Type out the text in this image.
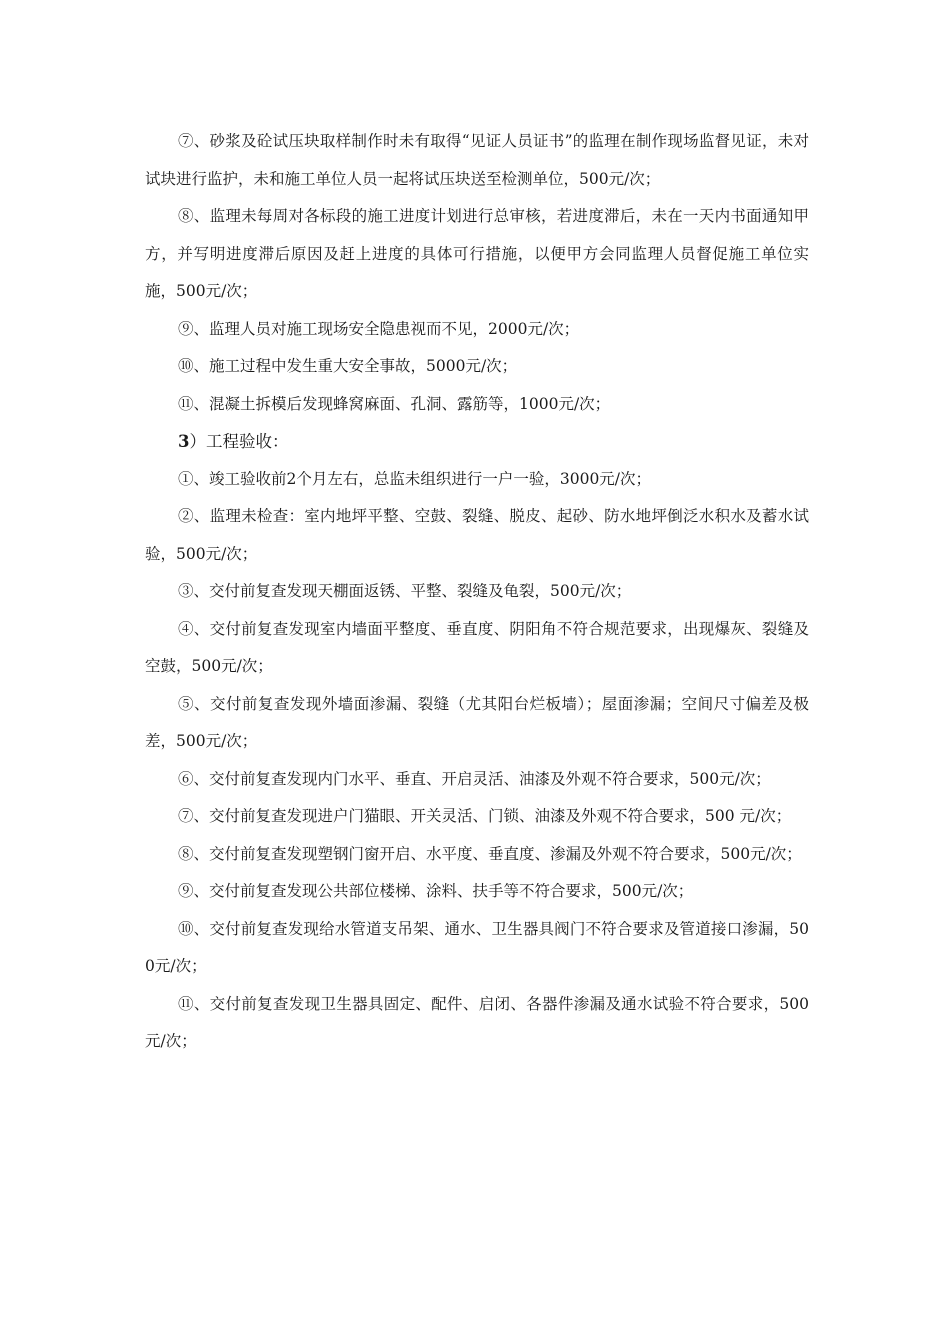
⑦、砂浆及砼试压块取样制作时未有取得“见证人员证书”的监理在制作现场监督见证，未对试块进行监护，未和施工单位人员一起将试压块送至检测单位，500元/次；

⑧、监理未每周对各标段的施工进度计划进行总审核，若进度滞后，未在一天内书面通知甲方，并写明进度滞后原因及赶上进度的具体可行措施，以便甲方会同监理人员督促施工单位实施，500元/次；

⑨、监理人员对施工现场安全隐患视而不见，2000元/次；

⑩、施工过程中发生重大安全事故，5000元/次；

⑪、混凝土拆模后发现蜂窝麻面、孔洞、露筋等，1000元/次；

3）工程验收：

①、竣工验收前2个月左右，总监未组织进行一户一验，3000元/次；

②、监理未检查：室内地坪平整、空鼓、裂缝、脱皮、起砂、防水地坪倒泛水积水及蓄水试验，500元/次；

③、交付前复查发现天棚面返锈、平整、裂缝及龟裂，500元/次；

④、交付前复查发现室内墙面平整度、垂直度、阴阳角不符合规范要求，出现爆灰、裂缝及空鼓，500元/次；

⑤、交付前复查发现外墙面渗漏、裂缝（尤其阳台烂板墙）；屋面渗漏；空间尺寸偏差及极差，500元/次；

⑥、交付前复查发现内门水平、垂直、开启灵活、油漆及外观不符合要求，500元/次；

⑦、交付前复查发现进户门猫眼、开关灵活、门锁、油漆及外观不符合要求，500 元/次；

⑧、交付前复查发现塑钢门窗开启、水平度、垂直度、渗漏及外观不符合要求，500元/次；

⑨、交付前复查发现公共部位楼梯、涂料、扶手等不符合要求，500元/次；

⑩、交付前复查发现给水管道支吊架、通水、卫生器具阀门不符合要求及管道接口渗漏，500元/次；

⑪、交付前复查发现卫生器具固定、配件、启闭、各器件渗漏及通水试验不符合要求，500元/次；
